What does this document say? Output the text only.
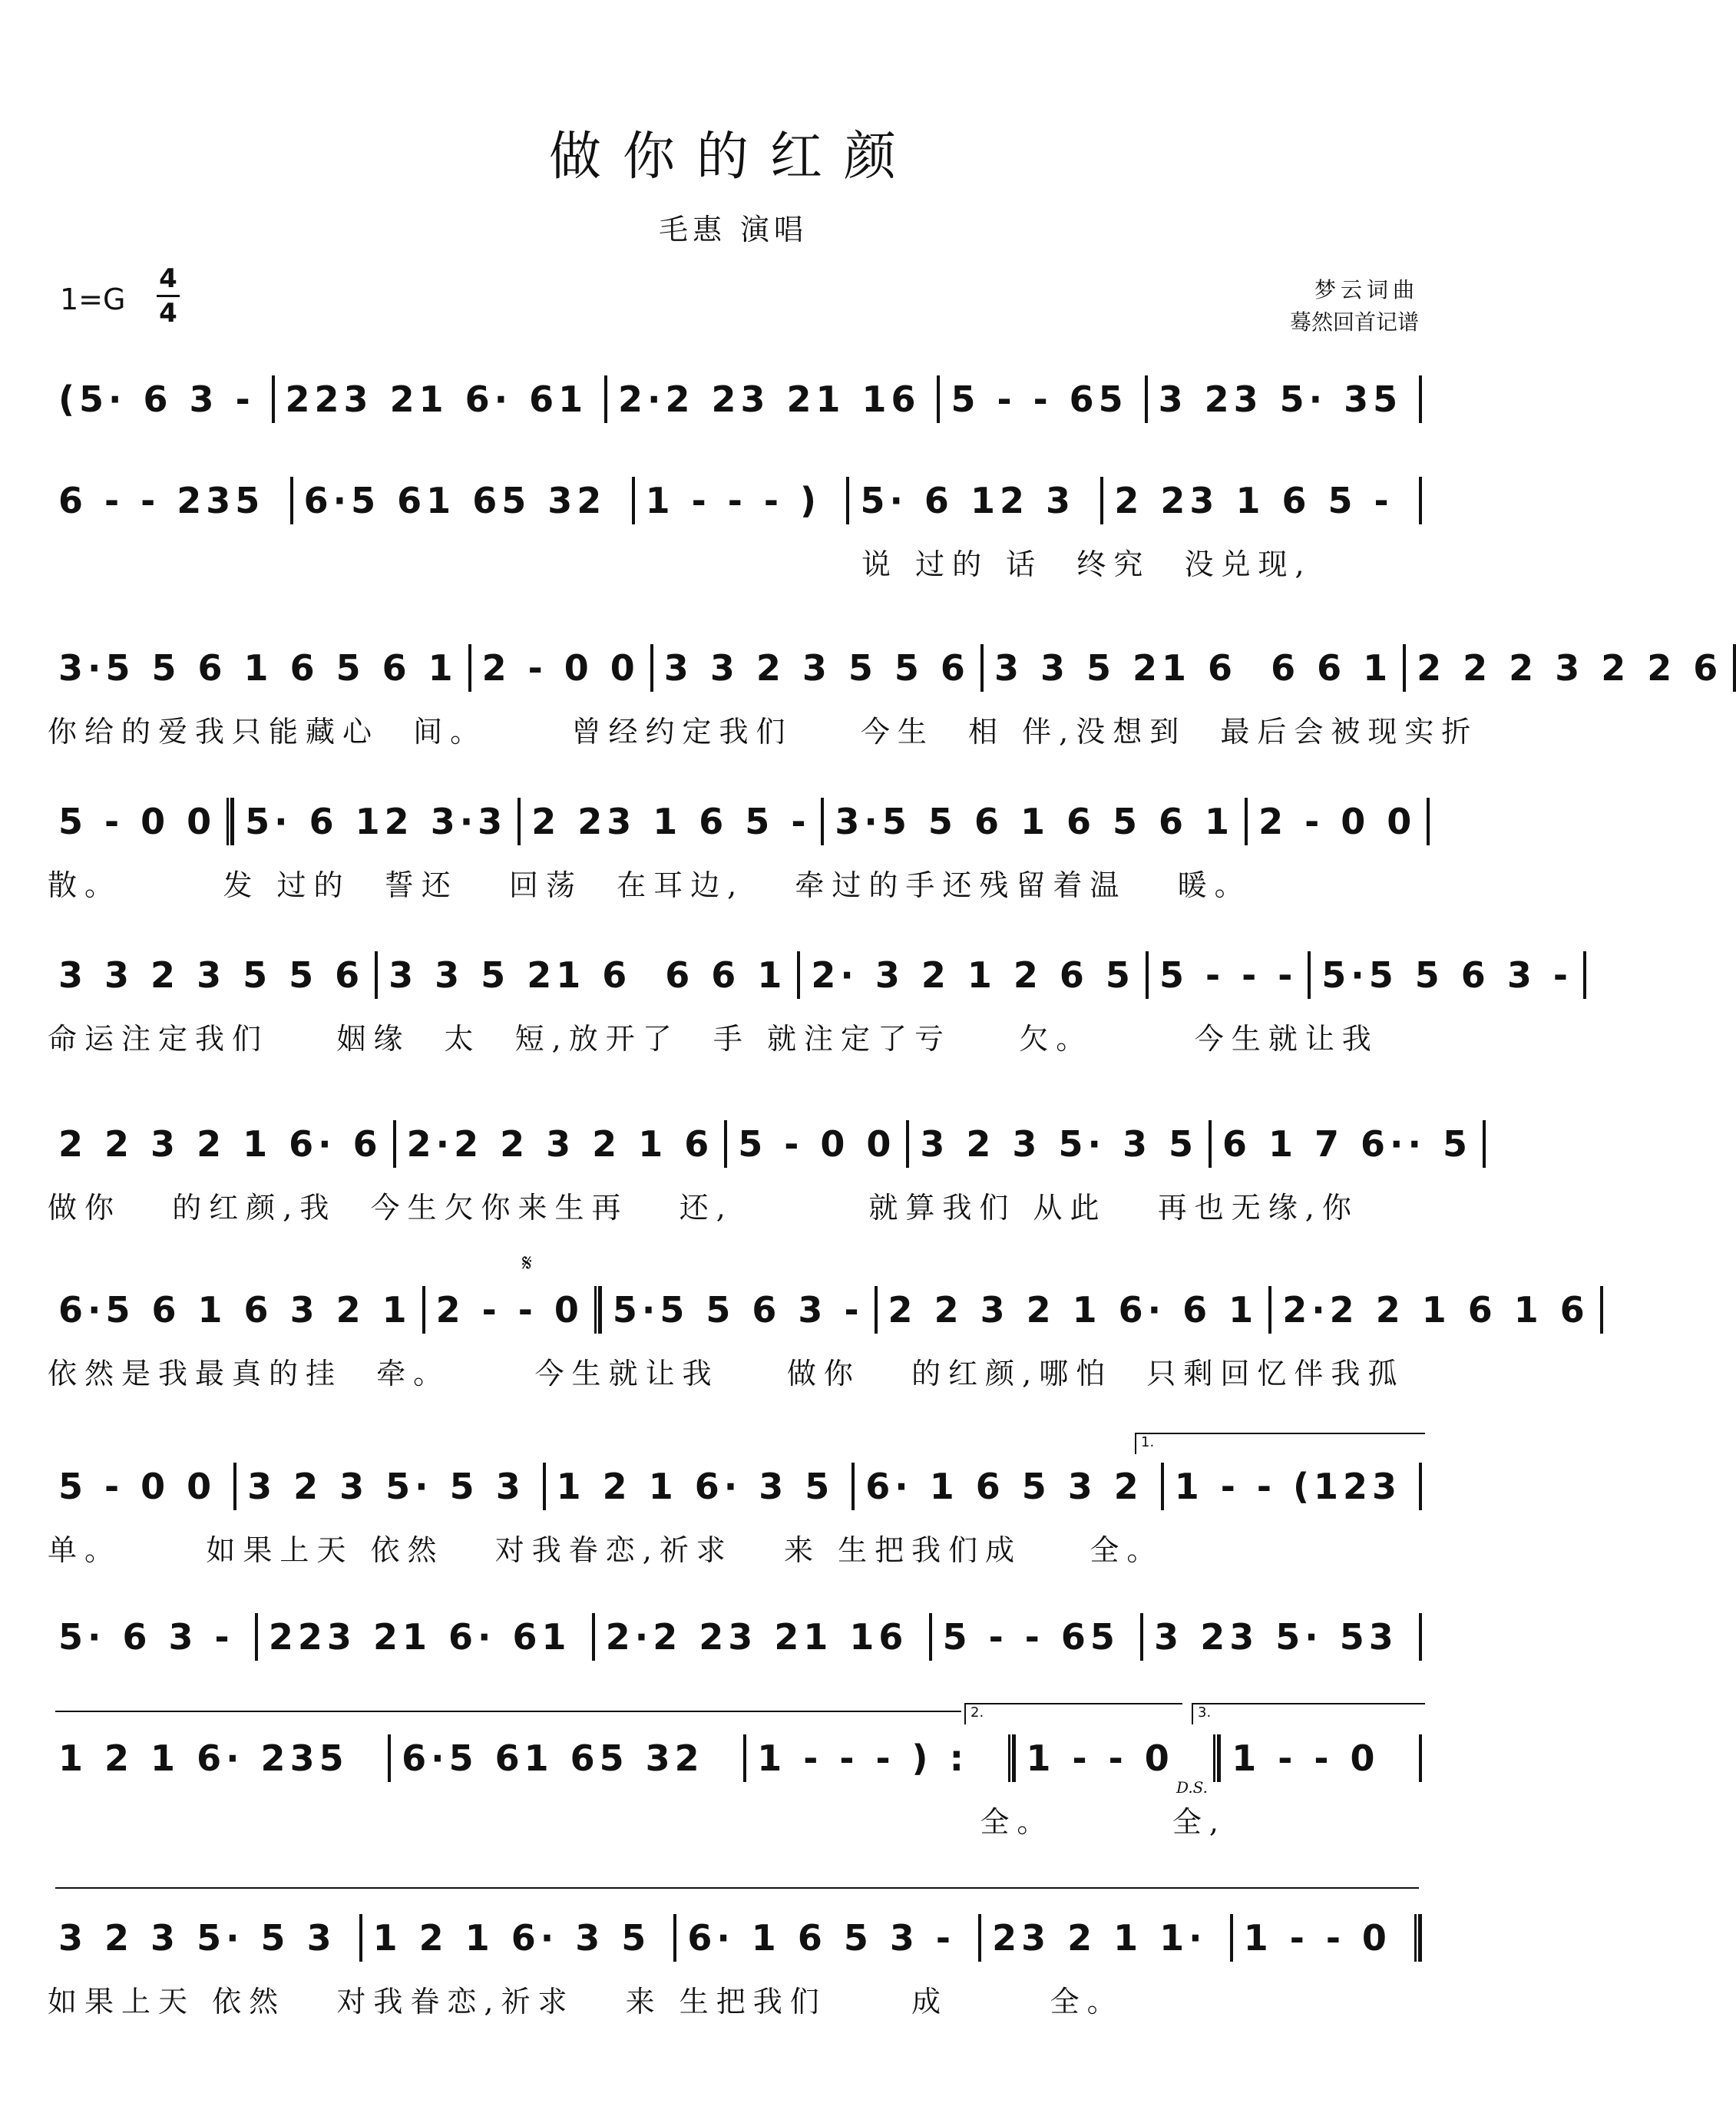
做你的红颜
毛惠 演唱
1=G
4
4
梦云词曲
蓦然回首记谱
(5· 6 3 - 223 21 6· 61 2·2 23 21 16 5 - - 65 3 23 5· 35
6 - - 235	6·5 61 65 32	1 - - - )	5· 6 12 3	2 23 1 6 5 -
说 过的 话  终究  没兑现,
3·5 5 6 1 6 5 6 1 2 - 0 0 3 3 2 3 5 5 6 3 3 5 21 6  6 6 1 2 2 2 3 2 2 6
你给的爱我只能藏心  间。     曾经约定我们    今生  相 伴,没想到  最后会被现实折
5 - 0 0 5· 6 12 3·3 2 23 1 6 5 - 3·5 5 6 1 6 5 6 1 2 - 0 0
散。      发 过的  誓还   回荡  在耳边,   牵过的手还残留着温   暖。
3 3 2 3 5 5 6 3 3 5 21 6  6 6 1 2· 3 2 1 2 6 5 5 - - - 5·5 5 6 3 -
命运注定我们    姻缘  太  短,放开了  手 就注定了亏    欠。      今生就让我
2 2 3 2 1 6· 6 2·2 2 3 2 1 6 5 - 0 0 3 2 3 5· 3 5 6 1 7 6·· 5
做你   的红颜,我  今生欠你来生再   还,        就算我们 从此   再也无缘,你
𝄋
6·5 6 1 6 3 2 1 2 - - 0 5·5 5 6 3 - 2 2 3 2 1 6· 6 1 2·2 2 1 6 1 6
依然是我最真的挂  牵。     今生就让我    做你   的红颜,哪怕  只剩回忆伴我孤
1.
5 - 0 0 3 2 3 5· 5 3 1 2 1 6· 3 5 6· 1 6 5 3 2 1 - - (123
单。     如果上天 依然   对我眷恋,祈求   来 生把我们成    全。
5· 6 3 - 223 21 6· 61 2·2 23 21 16 5 - - 65 3 23 5· 53
2.	3.
1 2 1 6· 235	6·5 61 65 32	1 - - - ) :	1 - - 0	1 - - 0
全。       全,
D.S.
3 2 3 5· 5 3	1 2 1 6· 3 5	6· 1 6 5 3 -	23 2 1 1·	1 - - 0
如果上天 依然   对我眷恋,祈求   来 生把我们     成      全。
